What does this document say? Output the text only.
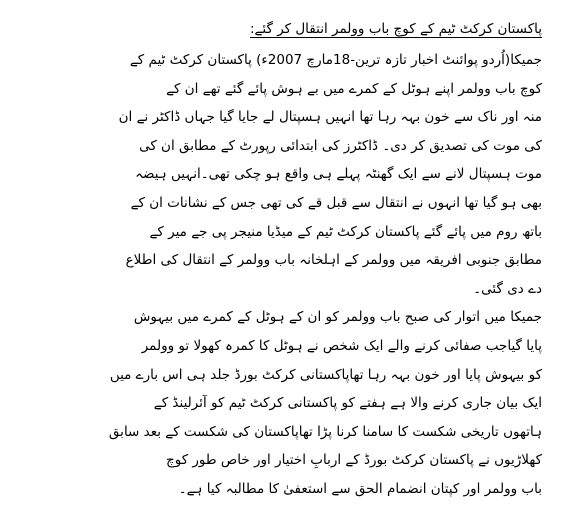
پاکستان کرکٹ ٹیم کے کوچ باب وولمر انتقال کر گئے:
جمیکا(اُردو پوائنٹ اخبار تازہ ترین-18مارچ 2007ء) پاکستان کرکٹ ٹیم کے
کوچ باب وولمر اپنے ہوٹل کے کمرے میں بے ہوش پائے گئے تھے ان کے
منہ اور ناک سے خون بہہ رہا تھا انہیں ہسپتال لے جایا گیا جہاں ڈاکٹر نے ان
کی موت کی تصدیق کر دی۔ ڈاکٹرز کی ابتدائی رپورٹ کے مطابق ان کی
موت ہسپتال لانے سے ایک گھنٹہ پہلے ہی واقع ہو چکی تھی۔انہیں ہیضہ
بھی ہو گیا تھا انہوں نے انتقال سے قبل قے کی تھی جس کے نشانات ان کے
باتھ روم میں پائے گئے پاکستان کرکٹ ٹیم کے میڈیا منیجر پی جے میر کے
مطابق جنوبی افریقہ میں وولمر کے اہلخانہ باب وولمر کے انتقال کی اطلاع
دے دی گئی۔
جمیکا میں اتوار کی صبح باب وولمر کو ان کے ہوٹل کے کمرے میں بیہوش
پایا گیاجب صفائی کرنے والے ایک شخص نے ہوٹل کا کمرہ کھولا تو وولمر
کو بیہوش پایا اور خون بہہ رہا تھاپاکستانی کرکٹ بورڈ جلد ہی اس بارے میں
ایک بیان جاری کرنے والا ہے ہفتے کو پاکستانی کرکٹ ٹیم کو آئرلینڈ کے
ہاتھوں تاریخی شکست کا سامنا کرنا پڑا تھاپاکستان کی شکست کے بعد سابق
کھلاڑیوں نے پاکستان کرکٹ بورڈ کے اربابِ اختیار اور خاص طور کوچ
باب وولمر اور کپتان انضمام الحق سے استعفیٰ کا مطالبہ کیا ہے۔
